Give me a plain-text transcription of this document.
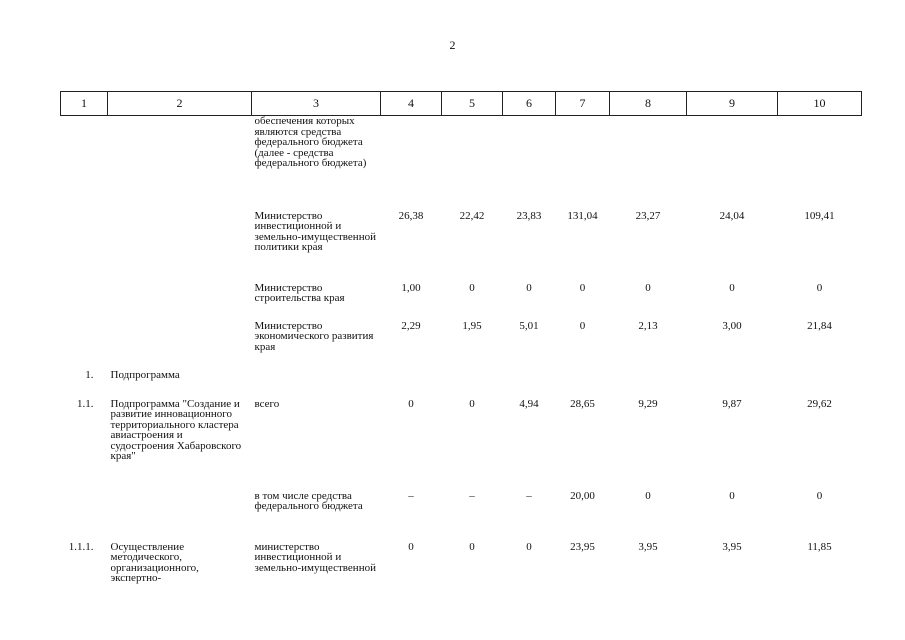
2
1	2	3	4	5	6	7	8	9	10
		обеспечения которых являются средства федерального бюджета (далее - средства федерального бюджета)							
		Министерство инвестиционной и земельно-имущественной политики края	26,38	22,42	23,83	131,04	23,27	24,04	109,41
		Министерство строительства края	1,00	0	0	0	0	0	0
		Министерство экономического развития края	2,29	1,95	5,01	0	2,13	3,00	21,84
1.	Подпрограмма								
1.1.	Подпрограмма "Создание и развитие инновационного территориального кластера авиастроения и судостроения Хабаровского края"	всего	0	0	4,94	28,65	9,29	9,87	29,62
		в том числе средства федерального бюджета	–	–	–	20,00	0	0	0
1.1.1.	Осуществление методического, организационного, экспертно-	министерство инвестиционной и земельно-имущественной	0	0	0	23,95	3,95	3,95	11,85
